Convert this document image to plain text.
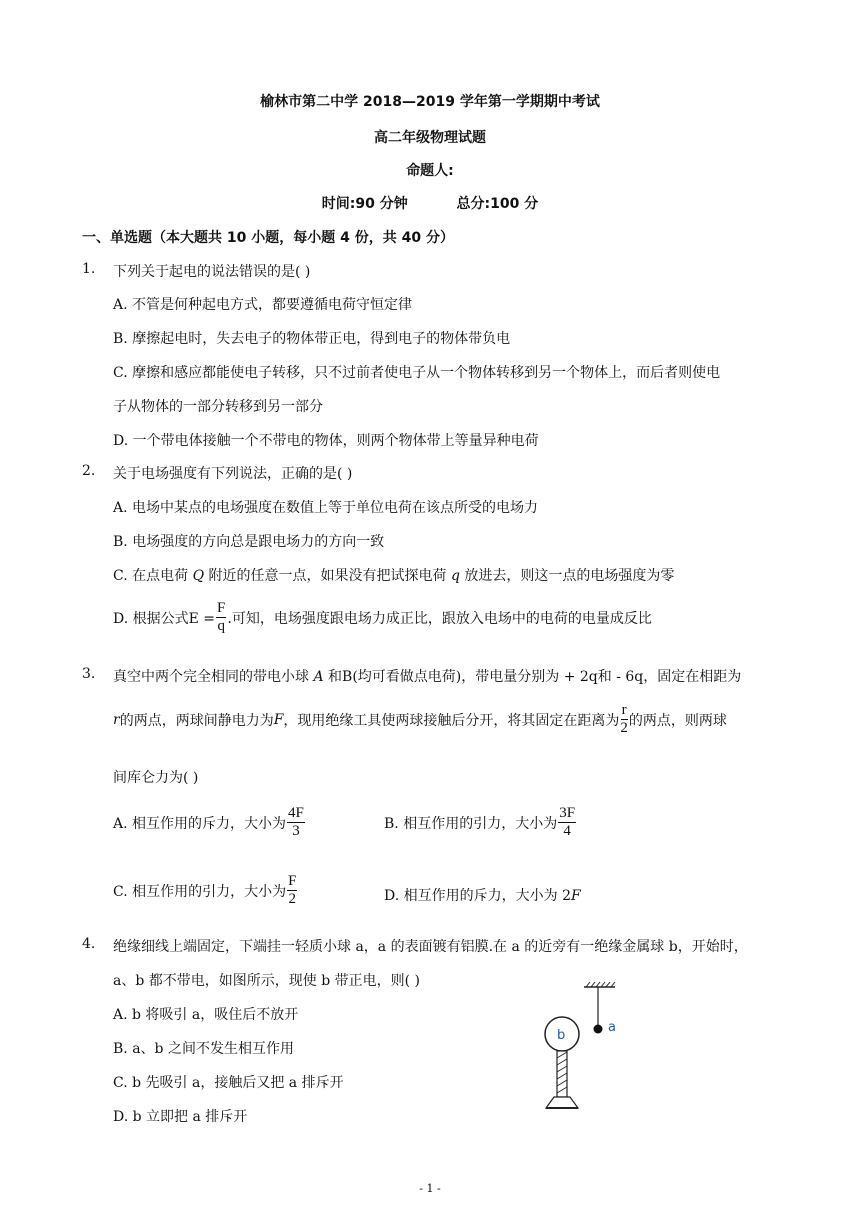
榆林市第二中学 2018—2019 学年第一学期期中考试
高二年级物理试题
命题人:
时间:90 分钟          总分:100 分
一、单选题（本大题共 10 小题，每小题 4 份，共 40 分）
1. 下列关于起电的说法错误的是( )
A. 不管是何种起电方式，都要遵循电荷守恒定律
B. 摩擦起电时，失去电子的物体带正电，得到电子的物体带负电
C. 摩擦和感应都能使电子转移，只不过前者使电子从一个物体转移到另一个物体上，而后者则使电
子从物体的一部分转移到另一部分
D. 一个带电体接触一个不带电的物体，则两个物体带上等量异种电荷
2. 关于电场强度有下列说法，正确的是( )
A. 电场中某点的电场强度在数值上等于单位电荷在该点所受的电场力
B. 电场强度的方向总是跟电场力的方向一致
C. 在点电荷 Q 附近的任意一点，如果没有把试探电荷 q 放进去，则这一点的电场强度为零
D. 根据公式$E = \frac{F}{q}$ .可知，电场强度跟电场力成正比，跟放入电场中的电荷的电量成反比
3. 真空中两个完全相同的带电小球 A 和B(均可看做点电荷)，带电量分别为 + 2q和 - 6q，固定在相距为
r 的两点，两球间静电力为 F ，现用绝缘工具使两球接触后分开，将其固定在距离为 $\frac{r}{2}$ 的两点，则两球
间库仑力为( )
A. 相互作用的斥力，大小为 $\frac{4F}{3}$	B. 相互作用的引力，大小为 $\frac{3F}{4}$
C. 相互作用的引力，大小为 $\frac{F}{2}$	D. 相互作用的斥力，大小为 2F
4. 绝缘细线上端固定，下端挂一轻质小球 a，a 的表面镀有铝膜.在 a 的近旁有一绝缘金属球 b，开始时，
a、b 都不带电，如图所示，现使 b 带正电，则( )
A. b 将吸引 a，吸住后不放开
B. a、b 之间不发生相互作用
C. b 先吸引 a，接触后又把 a 排斥开
D. b 立即把 a 排斥开
a
b
- 1 -
